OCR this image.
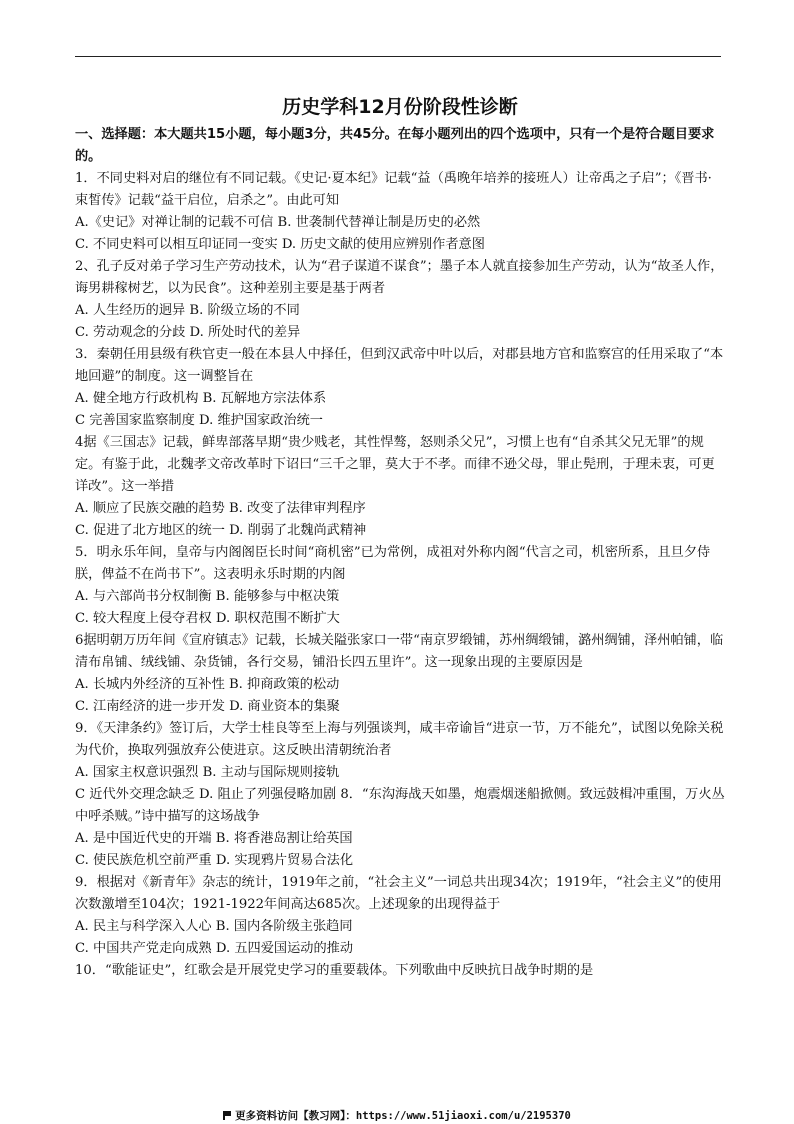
历史学科12月份阶段性诊断

一、选择题：本大题共15小题，每小题3分，共45分。在每小题列出的四个选项中，只有一个是符合题目要求的。

1．不同史料对启的继位有不同记载。《史记·夏本纪》记载“益（禹晚年培养的接班人）让帝禹之子启”；《晋书·束皙传》记载“益干启位，启杀之”。由此可知

A.《史记》对禅让制的记载不可信 B. 世袭制代替禅让制是历史的必然

C. 不同史料可以相互印证同一变实 D. 历史文献的使用应辨别作者意图

2、孔子反对弟子学习生产劳动技术，认为“君子谋道不谋食”；墨子本人就直接参加生产劳动，认为“故圣人作，诲男耕稼树艺，以为民食”。这种差别主要是基于两者

A. 人生经历的迥异 B. 阶级立场的不同

C. 劳动观念的分歧 D. 所处时代的差异

3．秦朝任用县级有秩官吏一般在本县人中择任，但到汉武帝中叶以后，对郡县地方官和监察宫的任用采取了“本地回避”的制度。这一调整旨在

A. 健全地方行政机构 B. 瓦解地方宗法体系

C 完善国家监察制度 D. 维护国家政治统一

4据《三国志》记载，鲜卑部落早期“贵少贱老，其性悍骜，怒则杀父兄”，习惯上也有“自杀其父兄无罪”的规定。有鉴于此，北魏孝文帝改革时下诏曰“三千之罪，莫大于不孝。而律不逊父母，罪止髡刑，于理未衷，可更详改”。这一举措

A. 顺应了民族交融的趋势 B. 改变了法律审判程序

C. 促进了北方地区的统一 D. 削弱了北魏尚武精神

5．明永乐年间，皇帝与内阁阁臣长时间“商机密”已为常例，成祖对外称内阁“代言之司，机密所系，且旦夕侍朕，俾益不在尚书下”。这表明永乐时期的内阁

A. 与六部尚书分权制衡 B. 能够参与中枢决策

C. 较大程度上侵夺君权 D. 职权范围不断扩大

6据明朝万历年间《宣府镇志》记载，长城关隘张家口一带“南京罗缎铺，苏州绸缎铺，潞州绸铺，泽州帕铺，临清布帛铺、绒线铺、杂货铺，各行交易，铺沿长四五里许”。这一现象出现的主要原因是

A. 长城内外经济的互补性 B. 抑商政策的松动

C. 江南经济的进一步开发 D. 商业资本的集聚

9．《天津条约》签订后，大学士桂良等至上海与列强谈判，咸丰帝谕旨“进京一节，万不能允”，试图以免除关税为代价，换取列强放弃公使进京。这反映出清朝统治者

A. 国家主权意识强烈 B. 主动与国际规则接轨

C 近代外交理念缺乏 D. 阻止了列强侵略加剧 8．“东沟海战天如墨，炮震烟迷船掀侧。致远鼓楫冲重围，万火丛中呼杀贼。”诗中描写的这场战争

A. 是中国近代史的开端 B. 将香港岛割让给英国

C. 使民族危机空前严重 D. 实现鸦片贸易合法化

9．根据对《新青年》杂志的统计，1919年之前，“社会主义”一词总共出现34次；1919年，“社会主义”的使用次数激增至104次；1921-1922年间高达685次。上述现象的出现得益于

A. 民主与科学深入人心 B. 国内各阶级主张趋同

C. 中国共产党走向成熟 D. 五四爱国运动的推动

10．“歌能证史”，红歌会是开展党史学习的重要载体。下列歌曲中反映抗日战争时期的是

更多资料访问【教习网】：https://www.51jiaoxi.com/u/2195370
